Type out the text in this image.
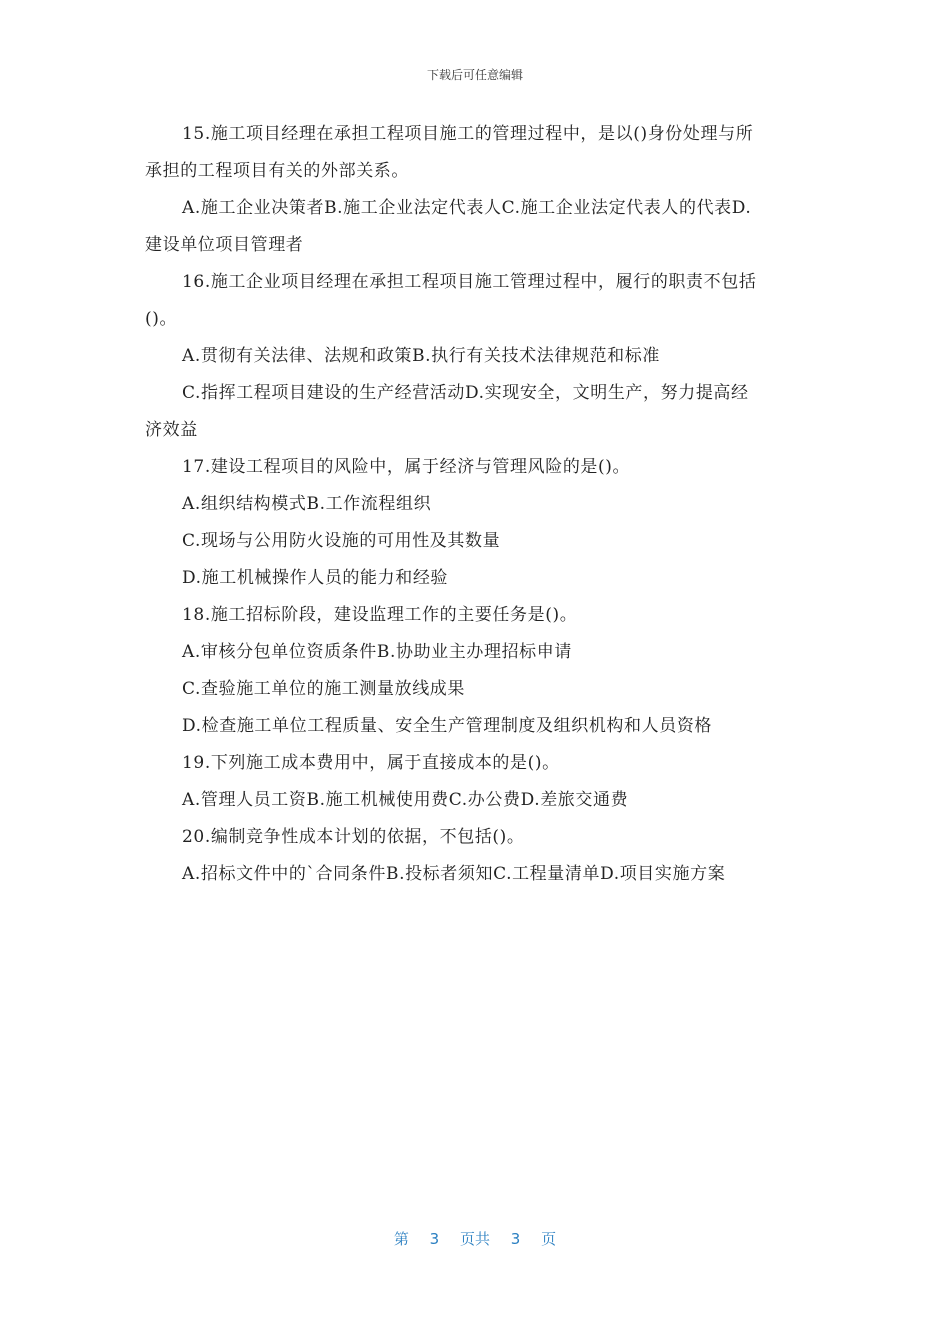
下载后可任意编辑
15.施工项目经理在承担工程项目施工的管理过程中，是以()身份处理与所
承担的工程项目有关的外部关系。
A.施工企业决策者B.施工企业法定代表人C.施工企业法定代表人的代表D.
建设单位项目管理者
16.施工企业项目经理在承担工程项目施工管理过程中，履行的职责不包括
()。
A.贯彻有关法律、法规和政策B.执行有关技术法律规范和标准
C.指挥工程项目建设的生产经营活动D.实现安全，文明生产，努力提高经
济效益
17.建设工程项目的风险中，属于经济与管理风险的是()。
A.组织结构模式B.工作流程组织
C.现场与公用防火设施的可用性及其数量
D.施工机械操作人员的能力和经验
18.施工招标阶段，建设监理工作的主要任务是()。
A.审核分包单位资质条件B.协助业主办理招标申请
C.查验施工单位的施工测量放线成果
D.检查施工单位工程质量、安全生产管理制度及组织机构和人员资格
19.下列施工成本费用中，属于直接成本的是()。
A.管理人员工资B.施工机械使用费C.办公费D.差旅交通费
20.编制竞争性成本计划的依据，不包括()。
A.招标文件中的`合同条件B.投标者须知C.工程量清单D.项目实施方案
第 3 页共 3 页
